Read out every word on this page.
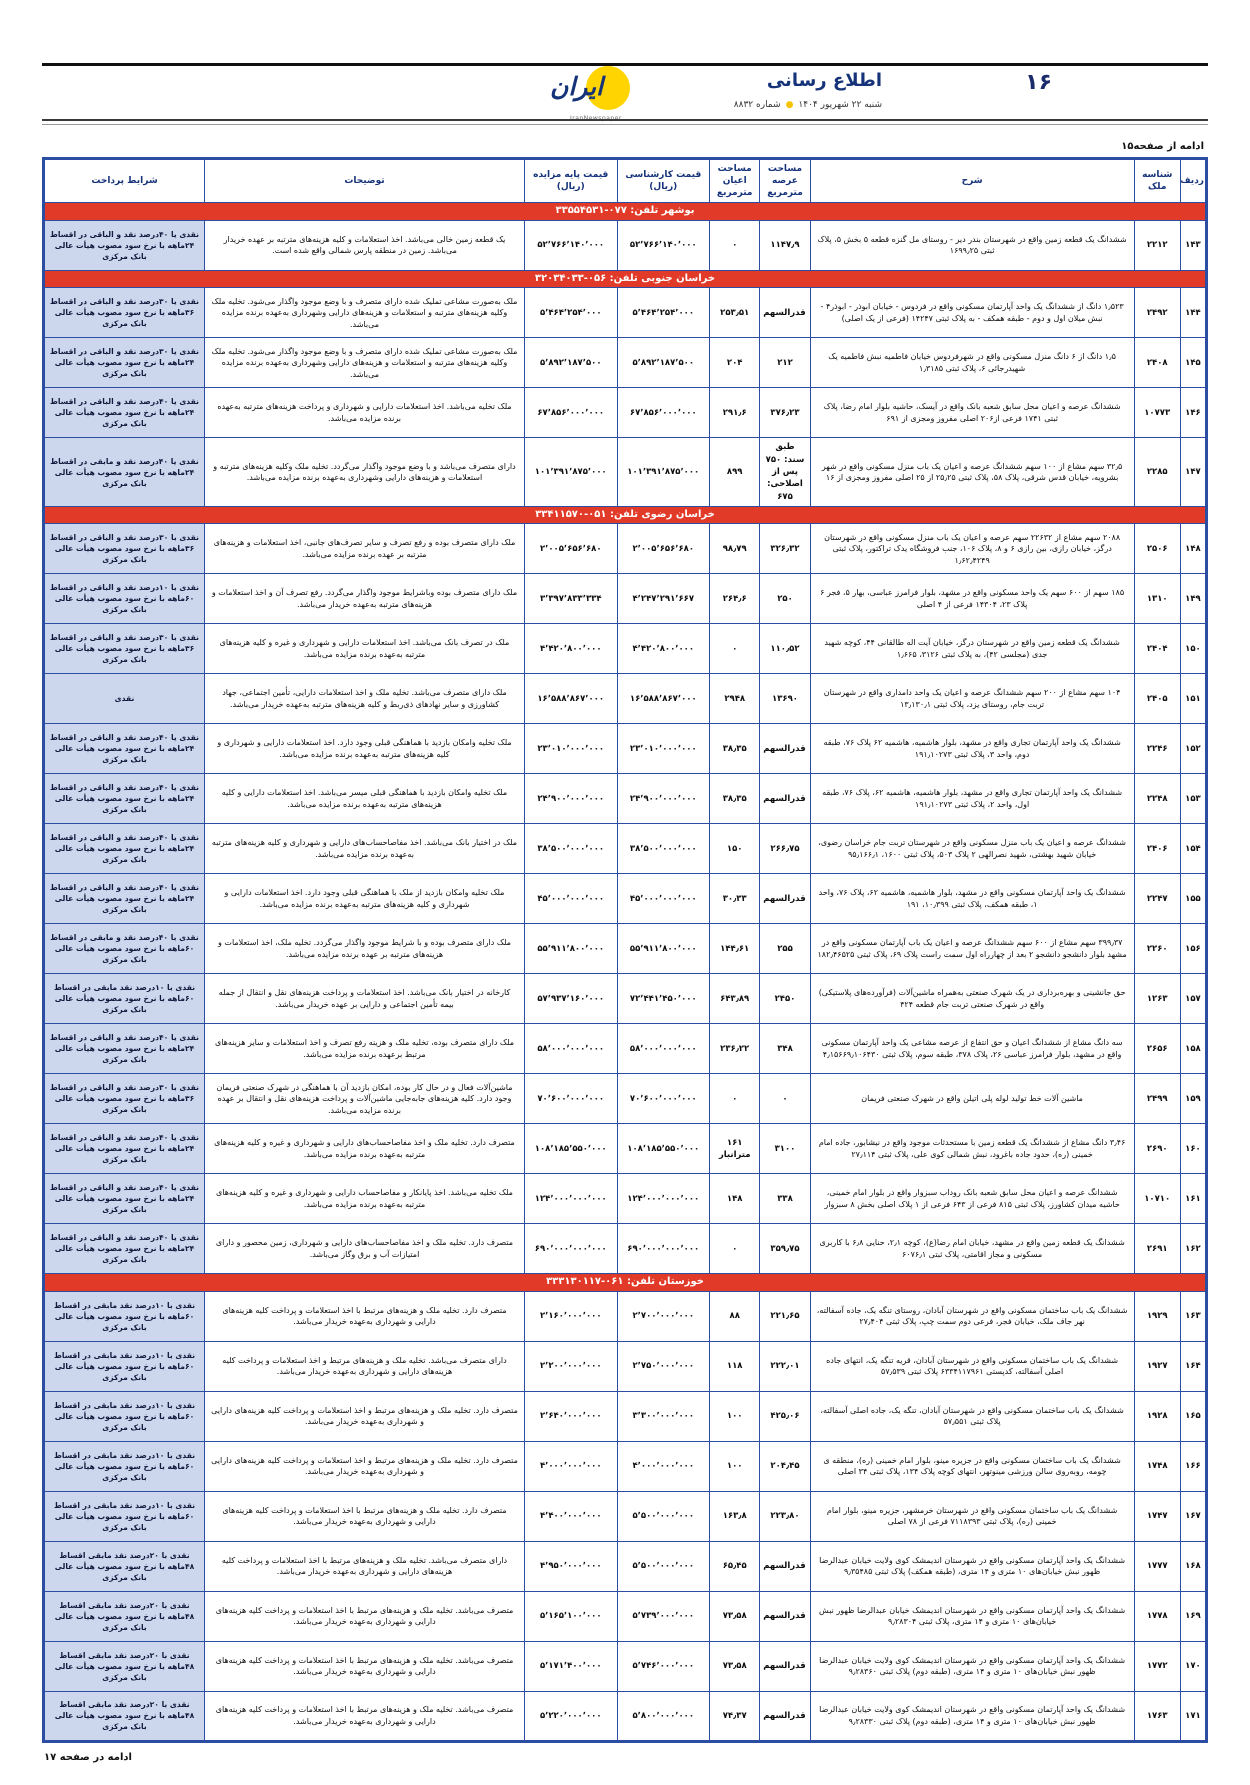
۱۶
اطلاع رسانی
شنبه ۲۲ شهریور ۱۴۰۴
●
شماره ۸۸۳۲
ایران
ادامه از صفحه۱۵
ردیف	شناسه ملک	شرح	مساحت عرصه مترمربع	مساحت اعیان مترمربع	قیمت کارشناسی (ریال)	قیمت پایه مزایده (ریال)	توضیحات	شرایط پرداخت
بوشهر تلفن: ۰۷۷-۳۳۵۵۴۵۳۱								
۱۴۳	۲۲۱۲	ششدانگ یک قطعه زمین واقع در شهرستان بندر دیر - روستای مل گنزه قطعه ۵ بخش ۵، پلاک ثبتی ۱۶۹۹٫۲۵	۱۱۴۷٫۹	۰	۵۲٬۷۶۶٬۱۴۰٬۰۰۰	۵۲٬۷۶۶٬۱۴۰٬۰۰۰	یک قطعه زمین خالی می‌باشد. اخذ استعلامات و کلیه هزینه‌های مترتبه بر عهده خریدار می‌باشد. زمین در منطقه پارس شمالی واقع شده است.	نقدی یا ۴۰درصد نقد و الباقی در اقساط ۲۴ماهه با نرخ سود مصوب هیأت عالی بانک مرکزی
خراسان جنوبی تلفن: ۰۵۶-۳۲۰۳۴۰۳۳								
۱۴۴	۲۴۹۲	۱٫۵۲۳ دانگ از ششدانگ یک واحد آپارتمان مسکونی واقع در فردوس - خیابان ابوذر - ابوذر۴ - نبش میلان اول و دوم - طبقه همکف - به پلاک ثبتی ۱۴۲۴۷ (فرعی از یک اصلی)	قدرالسهم	۲۵۳٫۵۱	۵٬۴۶۴٬۲۵۴٬۰۰۰	۵٬۴۶۴٬۲۵۴٬۰۰۰	ملک به‌صورت مشاعی تملیک شده دارای متصرف و با وضع موجود واگذار می‌شود. تخلیه ملک وکلیه هزینه‌های مترتبه و استعلامات و هزینه‌های دارایی وشهرداری به‌عهده برنده مزایده می‌باشد.	نقدی یا ۳۰درصد نقد و الباقی در اقساط ۳۶ماهه با نرخ سود مصوب هیأت عالی بانک مرکزی
۱۴۵	۲۴۰۸	۱٫۵ دانگ از ۶ دانگ منزل مسکونی واقع در شهرفردوس خیابان فاطمیه نبش فاطمیه یک شهیدرجائی ۶، پلاک ثبتی ۱٫۳۱۸۵	۲۱۲	۲۰۴	۵٬۸۹۲٬۱۸۷٬۵۰۰	۵٬۸۹۲٬۱۸۷٬۵۰۰	ملک به‌صورت مشاعی تملیک شده دارای متصرف و با وضع موجود واگذار می‌شود. تخلیه ملک وکلیه هزینه‌های مترتبه و استعلامات و هزینه‌های دارایی وشهرداری به‌عهده برنده مزایده می‌باشد.	نقدی یا ۳۰درصد نقد و الباقی در اقساط ۲۴ماهه با نرخ سود مصوب هیأت عالی بانک مرکزی
۱۴۶	۱۰۷۷۳	ششدانگ عرصه و اعیان محل سابق شعبه بانک واقع در آیسک، حاشیه بلوار امام رضا، پلاک ثبتی ۱۷۴۱ فرعی از۲۰۶ اصلی مفروز ومجزی از ۶۹۱	۳۷۶٫۲۳	۲۹۱٫۶	۶۷٬۸۵۶٬۰۰۰٬۰۰۰	۶۷٬۸۵۶٬۰۰۰٬۰۰۰	ملک تخلیه می‌باشد. اخذ استعلامات دارایی و شهرداری و پرداخت هزینه‌های مترتبه به‌عهده برنده مزایده می‌باشد.	نقدی یا ۴۰درصد نقد و الباقی در اقساط ۲۴ماهه با نرخ سود مصوب هیأت عالی بانک مرکزی
۱۴۷	۲۲۸۵	۳۲٫۵ سهم مشاع از ۱۰۰ سهم ششدانگ عرصه و اعیان یک باب منزل مسکونی واقع در شهر بشرویه، خیابان قدس شرقی، پلاک ۵۸، پلاک ثبتی ۲۵٫۲۵ از ۲۵ اصلی مفروز ومجزی از ۱۶	طبق سند: ۷۵۰ پس از اصلاحی: ۶۷۵	۸۹۹	۱۰۱٬۳۹۱٬۸۷۵٬۰۰۰	۱۰۱٬۳۹۱٬۸۷۵٬۰۰۰	دارای متصرف می‌باشد و با وضع موجود واگذار می‌گردد. تخلیه ملک وکلیه هزینه‌های مترتبه و استعلامات و هزینه‌های دارایی وشهرداری به‌عهده برنده مزایده می‌باشد.	نقدی یا ۴۰درصد نقد و مابقی در اقساط ۲۴ماهه با نرخ سود مصوب هیأت عالی بانک مرکزی
خراسان رضوی تلفن: ۰۵۱-۳۳۴۱۱۵۷۰								
۱۴۸	۲۵۰۶	۲۰۸۸ سهم مشاع از ۲۲۶۳۲ سهم عرصه و اعیان یک باب منزل مسکونی واقع در شهرستان درگز، خیابان رازی، بین رازی ۶ و ۸، پلاک ۱۰۶، جنب فروشگاه یدک تراکتور، پلاک ثبتی ۱٫۶۲٫۴۲۴۹	۳۲۶٫۳۲	۹۸٫۷۹	۲٬۰۰۵٬۶۵۶٬۶۸۰	۲٬۰۰۵٬۶۵۶٬۶۸۰	ملک دارای متصرف بوده و رفع تصرف و سایر تصرف‌های جانبی، اخذ استعلامات و هزینه‌های مترتبه بر عهده برنده مزایده می‌باشد.	نقدی با ۳۰درصد نقد و الباقی در اقساط ۳۶ماهه با نرخ سود مصوب هیأت عالی بانک مرکزی
۱۴۹	۱۳۱۰	۱۸۵ سهم از ۶۰۰ سهم یک واحد مسکونی واقع در مشهد، بلوار فرامرز عباسی، بهار ۵، فجر ۶ پلاک ۲۳، ۱۴۳۰۴ فرعی از ۴ اصلی	۲۵۰	۲۶۴٫۶	۴٬۲۴۷٬۲۹۱٬۶۶۷	۳٬۳۹۷٬۸۳۳٬۳۳۴	ملک دارای متصرف بوده وباشرایط موجود واگذار می‌گردد. رفع تصرف آن و اخذ استعلامات و هزینه‌های مترتبه به‌عهده خریدار می‌باشد.	نقدی با ۱۰درصد نقد و الباقی در اقساط ۶۰ماهه با نرخ سود مصوب هیأت عالی بانک مرکزی
۱۵۰	۲۴۰۴	ششدانگ یک قطعه زمین واقع در شهرستان درگز، خیابان آیت اله طالقانی ۴۴، کوچه شهید جدی (مجلسی ۴۲)، به پلاک ثبتی ۳۱۲۶، ۱٫۶۶۵	۱۱۰٫۵۲	۰	۴٬۴۲۰٬۸۰۰٬۰۰۰	۴٬۴۲۰٬۸۰۰٬۰۰۰	ملک در تصرف بانک می‌باشد. اخذ استعلامات دارایی و شهرداری و غیره و کلیه هزینه‌های مترتبه به‌عهده برنده مزایده می‌باشد.	نقدی با ۳۰درصد نقد و الباقی در اقساط ۳۶ماهه با نرخ سود مصوب هیأت عالی بانک مرکزی
۱۵۱	۲۴۰۵	۱۰۴ سهم مشاع از ۲۰۰ سهم ششدانگ عرصه و اعیان یک واحد دامداری واقع در شهرستان تربت جام، روستای یزد، پلاک ثبتی ۱۳٫۱۳۰٫۱	۱۳۶۹۰	۲۹۴۸	۱۶٬۵۸۸٬۸۶۷٬۰۰۰	۱۶٬۵۸۸٬۸۶۷٬۰۰۰	ملک دارای متصرف می‌باشد. تخلیه ملک و اخذ استعلامات دارایی، تأمین اجتماعی، جهاد کشاورزی و سایر نهادهای ذی‌ربط و کلیه هزینه‌های مترتبه به‌عهده خریدار می‌باشد.	نقدی
۱۵۲	۲۲۴۶	ششدانگ یک واحد آپارتمان تجاری واقع در مشهد، بلوار هاشمیه، هاشمیه ۶۲ پلاک ۷۶، طبقه دوم، واحد ۳، پلاک ثبتی ۱۹۱٫۱۰۲۷۳	قدرالسهم	۳۸٫۳۵	۲۳٬۰۱۰٬۰۰۰٬۰۰۰	۲۳٬۰۱۰٬۰۰۰٬۰۰۰	ملک تخلیه وامکان بازدید با هماهنگی قبلی وجود دارد. اخذ استعلامات دارایی و شهرداری و کلیه هزینه‌های مترتبه به‌عهده برنده مزایده می‌باشد.	نقدی یا ۴۰درصد نقد و الباقی در اقساط ۲۴ماهه با نرخ سود مصوب هیأت عالی بانک مرکزی
۱۵۳	۲۲۴۸	ششدانگ یک واحد آپارتمان تجاری واقع در مشهد، بلوار هاشمیه، هاشمیه ۶۲، پلاک ۷۶، طبقه اول، واحد ۲، پلاک ثبتی ۱۹۱٫۱۰۲۷۳	قدرالسهم	۳۸٫۳۵	۲۴٬۹۰۰٬۰۰۰٬۰۰۰	۲۴٬۹۰۰٬۰۰۰٬۰۰۰	ملک تخلیه وامکان بازدید با هماهنگی قبلی میسر می‌باشد. اخذ استعلامات دارایی و کلیه هزینه‌های مترتبه به‌عهده برنده مزایده می‌باشد.	نقدی یا ۴۰درصد نقد و الباقی در اقساط ۲۴ماهه با نرخ سود مصوب هیأت عالی بانک مرکزی
۱۵۴	۲۴۰۶	ششدانگ عرصه و اعیان یک باب منزل مسکونی واقع در شهرستان تربت جام خراسان رضوی، خیابان شهید بهشتی، شهید نصرالهی ۲ پلاک ۵۰۳، پلاک ثبتی ۱۶۰۰، ۹۵٫۱۶۶٫۱	۲۶۶٫۷۵	۱۵۰	۳۸٬۵۰۰٬۰۰۰٬۰۰۰	۳۸٬۵۰۰٬۰۰۰٬۰۰۰	ملک در اختیار بانک می‌باشد. اخذ مفاصاحساب‌های دارایی و شهرداری و کلیه هزینه‌های مترتبه به‌عهده برنده مزایده می‌باشد.	نقدی یا ۴۰درصد نقد و الباقی در اقساط ۲۴ماهه با نرخ سود مصوب هیأت عالی بانک مرکزی
۱۵۵	۲۲۴۷	ششدانگ یک واحد آپارتمان مسکونی واقع در مشهد، بلوار هاشمیه، هاشمیه ۶۲، پلاک ۷۶، واحد ۱، طبقه همکف، پلاک ثبتی ۱۰٫۳۹۹، ۱۹۱	قدرالسهم	۳۰٫۳۳	۴۵٬۰۰۰٬۰۰۰٬۰۰۰	۴۵٬۰۰۰٬۰۰۰٬۰۰۰	ملک تخلیه وامکان بازدید از ملک با هماهنگی قبلی وجود دارد. اخذ استعلامات دارایی و شهرداری و کلیه هزینه‌های مترتبه به‌عهده برنده مزایده می‌باشد.	نقدی یا ۴۰درصد نقد و الباقی در اقساط ۲۴ماهه با نرخ سود مصوب هیأت عالی بانک مرکزی
۱۵۶	۲۲۶۰	۳۹۹٫۳۷ سهم مشاع از ۶۰۰ سهم ششدانگ عرصه و اعیان یک باب آپارتمان مسکونی واقع در مشهد بلوار دانشجو دانشجو ۲ بعد از چهارراه اول سمت راست پلاک ۶۹، پلاک ثبتی ۱۸۲٫۴۶۵۲۵	۲۵۵	۱۴۴٫۶۱	۵۵٬۹۱۱٬۸۰۰٬۰۰۰	۵۵٬۹۱۱٬۸۰۰٬۰۰۰	ملک دارای متصرف بوده و با شرایط موجود واگذار می‌گردد. تخلیه ملک، اخذ استعلامات و هزینه‌های مترتبه بر عهده برنده مزایده می‌باشد.	نقدی با ۴۰درصد نقد و مابقی در اقساط ۶۰ماهه با نرخ سود مصوب هیأت عالی بانک مرکزی
۱۵۷	۱۲۶۳	حق جانشینی و بهره‌برداری در یک شهرک صنعتی به‌همراه ماشین‌آلات (فرآورده‌های پلاستیکی) واقع در شهرک صنعتی تربت جام قطعه ۴۲۴	۲۴۵۰	۶۴۳٫۸۹	۷۲٬۴۴۱٬۴۵۰٬۰۰۰	۵۷٬۹۳۷٬۱۶۰٬۰۰۰	کارخانه در اختیار بانک می‌باشد. اخذ استعلامات و پرداخت هزینه‌های نقل و انتقال از جمله بیمه تأمین اجتماعی و دارایی بر عهده خریدار می‌باشد.	نقدی با ۱۰درصد نقد مابقی در اقساط ۶۰ماهه با نرخ سود مصوب هیأت عالی بانک مرکزی
۱۵۸	۲۶۵۶	سه دانگ مشاع از ششدانگ اعیان و حق انتفاع از عرصه مشاعی یک واحد آپارتمان مسکونی واقع در مشهد، بلوار فرامرز عباسی ۲۶، پلاک ۳۷۸، طبقه سوم، پلاک ثبتی ۴٫۱۵۶۶۹٫۱۰۶۴۳۰	۳۴۸	۲۳۶٫۲۲	۵۸٬۰۰۰٬۰۰۰٬۰۰۰	۵۸٬۰۰۰٬۰۰۰٬۰۰۰	ملک دارای متصرف بوده، تخلیه ملک و هزینه رفع تصرف و اخذ استعلامات و سایر هزینه‌های مرتبط برعهده برنده مزایده می‌باشد.	نقدی یا ۴۰درصد نقد و الباقی در اقساط ۲۴ماهه با نرخ سود مصوب هیأت عالی بانک مرکزی
۱۵۹	۲۴۹۹	ماشین آلات خط تولید لوله پلی اتیلن واقع در شهرک صنعتی فریمان	۰	۰	۷۰٬۶۰۰٬۰۰۰٬۰۰۰	۷۰٬۶۰۰٬۰۰۰٬۰۰۰	ماشین‌آلات فعال و در حال کار بوده، امکان بازدید آن با هماهنگی در شهرک صنعتی فریمان وجود دارد. کلیه هزینه‌های جابه‌جایی ماشین‌آلات و پرداخت هزینه‌های نقل و انتقال بر عهده برنده مزایده می‌باشد.	نقدی با ۳۰درصد نقد و الباقی در اقساط ۳۶ماهه با نرخ سود مصوب هیأت عالی بانک مرکزی
۱۶۰	۲۶۹۰	۳٫۴۶ دانگ مشاع از ششدانگ یک قطعه زمین با مستحدثات موجود واقع در نیشابور، جاده امام خمینی (ره)، حدود جاده باغرود، نبش شمالی کوی علی، پلاک ثبتی ۲۷٫۱۱۴	۳۱۰۰	۱۶۱ مترانبار	۱۰۸٬۱۸۵٬۵۵۰٬۰۰۰	۱۰۸٬۱۸۵٬۵۵۰٬۰۰۰	متصرف دارد. تخلیه ملک و اخذ مفاصاحساب‌های دارایی و شهرداری و غیره و کلیه هزینه‌های مترتبه به‌عهده برنده مزایده می‌باشد.	نقدی یا ۴۰درصد نقد و الباقی در اقساط ۲۴ماهه با نرخ سود مصوب هیأت عالی بانک مرکزی
۱۶۱	۱۰۷۱۰	ششدانگ عرصه و اعیان محل سابق شعبه بانک روداب سبزوار واقع در بلوار امام خمینی، حاشیه میدان کشاورز، پلاک ثبتی ۸۱۵ فرعی از ۶۴۳ فرعی از ۱ پلاک اصلی بخش ۸ سبزوار	۳۳۸	۱۴۸	۱۲۴٬۰۰۰٬۰۰۰٬۰۰۰	۱۲۴٬۰۰۰٬۰۰۰٬۰۰۰	ملک تخلیه می‌باشد. اخذ پایانکار و مفاصاحساب دارایی و شهرداری و غیره و کلیه هزینه‌های مترتبه به‌عهده برنده مزایده می‌باشد.	نقدی یا ۴۰درصد نقد و الباقی در اقساط ۲۴ماهه با نرخ سود مصوب هیأت عالی بانک مرکزی
۱۶۲	۲۶۹۱	ششدانگ یک قطعه زمین واقع در مشهد، خیابان امام رضا(ع)، کوچه ۲٫۱، حنایی ۶٫۸ با کاربری مسکونی و مجاز اقامتی، پلاک ثبتی ۶۰۷۶٫۱	۳۵۹٫۷۵	۰	۶۹۰٬۰۰۰٬۰۰۰٬۰۰۰	۶۹۰٬۰۰۰٬۰۰۰٬۰۰۰	متصرف دارد. تخلیه ملک و اخذ مفاصاحساب‌های دارایی و شهرداری، زمین محصور و دارای امتیازات آب و برق وگاز می‌باشد.	نقدی یا ۴۰درصد نقد و الباقی در اقساط ۲۴ماهه با نرخ سود مصوب هیأت عالی بانک مرکزی
خوزستان تلفن: ۰۶۱-۳۳۳۱۳۰۱۱۷								
۱۶۳	۱۹۲۹	ششدانگ یک باب ساختمان مسکونی واقع در شهرستان آبادان، روستای تنگه یک، جاده آسفالته، نهر جاف ملک، خیابان فجر، فرعی دوم سمت چپ، پلاک ثبتی ۲۷٫۴۰۴	۲۲۱٫۶۵	۸۸	۲٬۷۰۰٬۰۰۰٬۰۰۰	۲٬۱۶۰٬۰۰۰٬۰۰۰	متصرف دارد. تخلیه ملک و هزینه‌های مرتبط با اخذ استعلامات و پرداخت کلیه هزینه‌های دارایی و شهرداری به‌عهده خریدار می‌باشد.	نقدی با ۱۰درصد نقد مابقی در اقساط ۶۰ماهه با نرخ سود مصوب هیأت عالی بانک مرکزی
۱۶۴	۱۹۲۷	ششدانگ یک باب ساختمان مسکونی واقع در شهرستان آبادان، قریه تنگه یک، انتهای جاده اصلی آسفالته، کدپستی ۶۳۳۴۱۱۷۹۶۱ پلاک ثبتی ۵۷٫۵۳۹	۲۲۲٫۰۱	۱۱۸	۲٬۷۵۰٬۰۰۰٬۰۰۰	۲٬۲۰۰٬۰۰۰٬۰۰۰	دارای متصرف می‌باشد. تخلیه ملک و هزینه‌های مرتبط و اخذ استعلامات و پرداخت کلیه هزینه‌های دارایی و شهرداری به‌عهده خریدار می‌باشد.	نقدی با ۱۰درصد نقد مابقی در اقساط ۶۰ماهه با نرخ سود مصوب هیأت عالی بانک مرکزی
۱۶۵	۱۹۲۸	ششدانگ یک باب ساختمان مسکونی واقع در شهرستان آبادان، تنگه یک، جاده اصلی آسفالته، پلاک ثبتی ۵۷٫۵۵۱	۴۲۵٫۰۶	۱۰۰	۳٬۳۰۰٬۰۰۰٬۰۰۰	۲٬۶۴۰٬۰۰۰٬۰۰۰	متصرف دارد. تخلیه ملک و هزینه‌های مرتبط و اخذ استعلامات و پرداخت کلیه هزینه‌های دارایی و شهرداری به‌عهده خریدار می‌باشد.	نقدی با ۱۰درصد نقد مابقی در اقساط ۶۰ماهه با نرخ سود مصوب هیأت عالی بانک مرکزی
۱۶۶	۱۷۴۸	ششدانگ یک باب ساختمان مسکونی واقع در جزیره مینو، بلوار امام خمینی (ره)، منطقه ی چومه، روبه‌روی سالن ورزشی مینوتهر، انتهای کوچه پلاک ۱۳۴، پلاک ثبتی ۳۴ اصلی	۲۰۴٫۴۵	۱۰۰	۴٬۰۰۰٬۰۰۰٬۰۰۰	۴٬۰۰۰٬۰۰۰٬۰۰۰	متصرف دارد. تخلیه ملک و هزینه‌های مرتبط و اخذ استعلامات و پرداخت کلیه هزینه‌های دارایی و شهرداری به‌عهده خریدار می‌باشد.	نقدی با ۱۰درصد نقد مابقی در اقساط ۶۰ماهه با نرخ سود مصوب هیأت عالی بانک مرکزی
۱۶۷	۱۷۴۷	ششدانگ یک باب ساختمان مسکونی واقع در شهرستان خرمشهر، جزیره مینو، بلوار امام خمینی (ره)، پلاک ثبتی ۷۱۱۸۳۹۳ فرعی از ۷۸ اصلی	۲۲۳٫۸۰	۱۶۳٫۸	۵٬۵۰۰٬۰۰۰٬۰۰۰	۴٬۴۰۰٬۰۰۰٬۰۰۰	متصرف دارد. تخلیه ملک و هزینه‌های مرتبط با اخذ استعلامات و پرداخت کلیه هزینه‌های دارایی و شهرداری به‌عهده خریدار می‌باشد.	نقدی با ۱۰درصد نقد مابقی در اقساط ۶۰ماهه با نرخ سود مصوب هیأت عالی بانک مرکزی
۱۶۸	۱۷۷۷	ششدانگ یک واحد آپارتمان مسکونی واقع در شهرستان اندیمشک کوی ولایت خیابان عبدالرضا ظهور نبش خیابان‌های ۱۰ متری و ۱۴ متری، (طبقه همکف) پلاک ثبتی ۹٫۳۵۴۸۵	قدرالسهم	۶۵٫۴۵	۵٬۵۰۰٬۰۰۰٬۰۰۰	۴٬۹۵۰٬۰۰۰٬۰۰۰	دارای متصرف می‌باشد. تخلیه ملک و هزینه‌های مرتبط با اخذ استعلامات و پرداخت کلیه هزینه‌های دارایی و شهرداری به‌عهده خریدار می‌باشد.	نقدی با ۲۰درصد نقد مابقی اقساط ۴۸ماهه با نرخ سود مصوب هیأت عالی بانک مرکزی
۱۶۹	۱۷۷۸	ششدانگ یک واحد آپارتمان مسکونی واقع در شهرستان اندیمشک خیابان عبدالرضا ظهور نبش خیابان‌های ۱۰ متری و ۱۴ متری، پلاک ثبتی ۹٫۲۸۳۰۴	قدرالسهم	۷۳٫۵۸	۵٬۷۳۹٬۰۰۰٬۰۰۰	۵٬۱۶۵٬۱۰۰٬۰۰۰	متصرف می‌باشد. تخلیه ملک و هزینه‌های مرتبط با اخذ استعلامات و پرداخت کلیه هزینه‌های دارایی و شهرداری به‌عهده خریدار می‌باشد.	نقدی با ۲۰درصد نقد مابقی اقساط ۴۸ماهه با نرخ سود مصوب هیأت عالی بانک مرکزی
۱۷۰	۱۷۷۲	ششدانگ یک واحد آپارتمان مسکونی واقع در شهرستان اندیمشک کوی ولایت خیابان عبدالرضا ظهور نبش خیابان‌های ۱۰ متری و ۱۴ متری، (طبقه دوم) پلاک ثبتی ۹٫۲۸۳۶۰	قدرالسهم	۷۳٫۵۸	۵٬۷۴۶٬۰۰۰٬۰۰۰	۵٬۱۷۱٬۴۰۰٬۰۰۰	متصرف می‌باشد. تخلیه ملک و هزینه‌های مرتبط با اخذ استعلامات و پرداخت کلیه هزینه‌های دارایی و شهرداری به‌عهده خریدار می‌باشد.	نقدی با ۲۰درصد نقد مابقی اقساط ۴۸ماهه با نرخ سود مصوب هیأت عالی بانک مرکزی
۱۷۱	۱۷۶۳	ششدانگ یک واحد آپارتمان مسکونی واقع در شهرستان اندیمشک کوی ولایت خیابان عبدالرضا ظهور نبش خیابان‌های ۱۰ متری و ۱۴ متری، (طبقه دوم) پلاک ثبتی ۹٫۲۸۳۳۰	قدرالسهم	۷۴٫۳۷	۵٬۸۰۰٬۰۰۰٬۰۰۰	۵٬۲۲۰٬۰۰۰٬۰۰۰	متصرف می‌باشد. تخلیه ملک و هزینه‌های مرتبط با اخذ استعلامات و پرداخت کلیه هزینه‌های دارایی و شهرداری به‌عهده خریدار می‌باشد.	نقدی با ۲۰درصد نقد مابقی اقساط ۴۸ماهه با نرخ سود مصوب هیأت عالی بانک مرکزی
ادامه در صفحه ۱۷
